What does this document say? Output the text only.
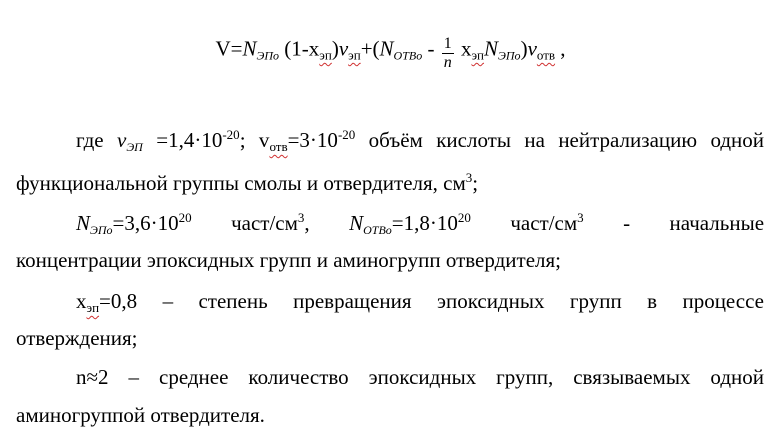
V=NЭПо $(1-x_{эп})v_{эп}+(NОТВо - \frac{1}{n}$ $x_{эп}NЭПо)v_{отв}$ ,
где vЭП $=1,4\cdot 10^{-20}$; $v_{отв}=3\cdot 10^{-20}$ объём кислоты на нейтрализацию одной
функциональной группы смолы и отвердителя, $см^3$;
$NЭПо=3,6\cdot 10^{20}$ част/$см^3$, $NОТВо=1,8\cdot 10^{20}$ част/$см^3$ - начальные
концентрации эпоксидных групп и аминогрупп отвердителя;
$x_{эп}=0,8$ – степень превращения эпоксидных групп в процессе
отверждения;
n≈2 – среднее количество эпоксидных групп, связываемых одной
аминогруппой отвердителя.
